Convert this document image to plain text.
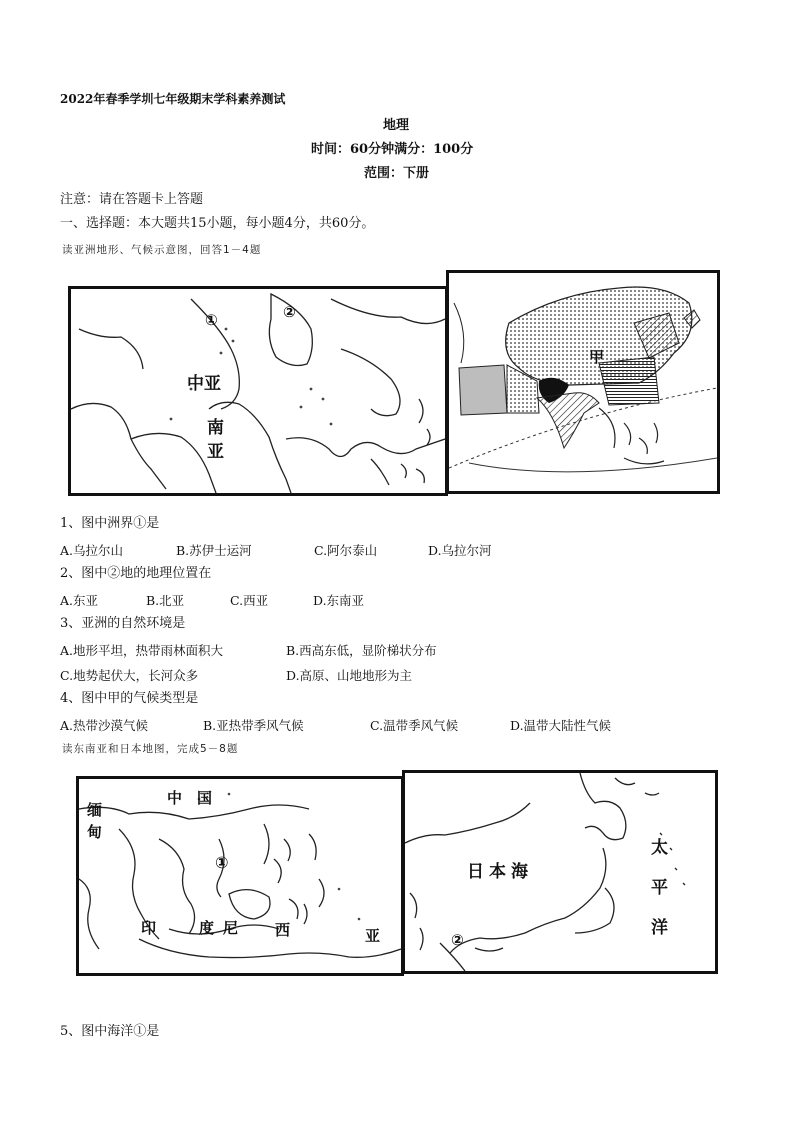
2022年春季学圳七年级期末学科素养测试
地理
时间：60分钟满分：100分
范围：下册
注意：请在答题卡上答题
一、选择题：本大题共15小题，每小题4分，共60分。
读亚洲地形、气候示意图，回答1－4题
①	②
中亚
南
亚
甲
1、图中洲界①是
A.乌拉尔山	B.苏伊士运河	C.阿尔泰山	D.乌拉尔河
2、图中②地的地理位置在
A.东亚	B.北亚	C.西亚	D.东南亚
3、亚洲的自然环境是
A.地形平坦，热带雨林面积大	B.西高东低，显阶梯状分布
C.地势起伏大，长河众多	D.高原、山地地形为主
4、图中甲的气候类型是
A.热带沙漠气候	B.亚热带季风气候	C.温带季风气候	D.温带大陆性气候
读东南亚和日本地图，完成5－8题
中　国
缅
甸
①
印	度 尼 西	亚
日本海
太
平
洋
②
5、图中海洋①是
